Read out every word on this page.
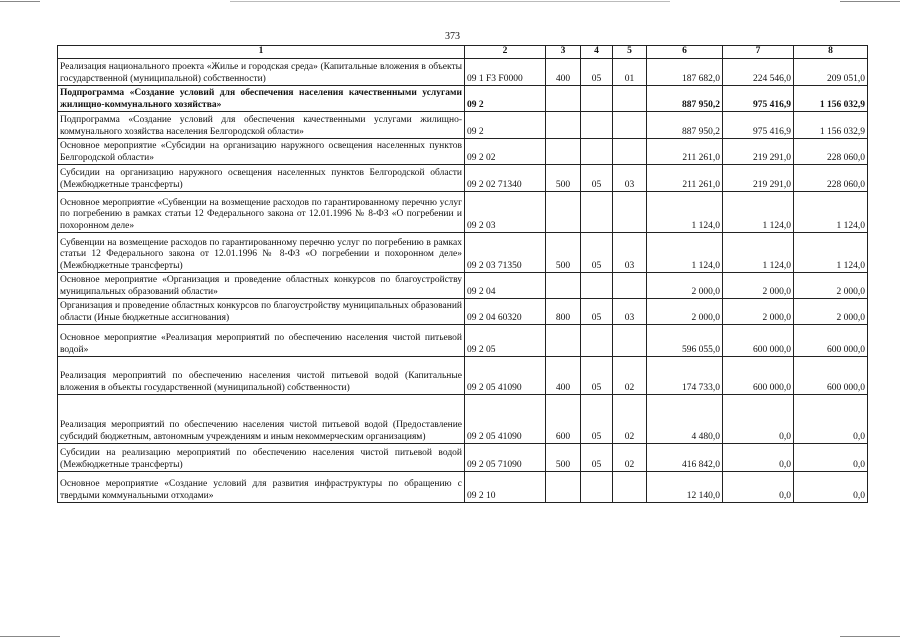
373
1	2	3	4	5	6	7	8
Реализация национального проекта «Жилье и городская среда» (Капитальные вложения в объекты государственной (муниципальной) собственности)	09 1 F3 F0000	400	05	01	187 682,0	224 546,0	209 051,0
Подпрограмма «Создание условий для обеспечения населения качественными услугами жилищно-коммунального хозяйства»	09 2				887 950,2	975 416,9	1 156 032,9
Подпрограмма «Создание условий для обеспечения качественными услугами жилищно-коммунального хозяйства населения Белгородской области»	09 2				887 950,2	975 416,9	1 156 032,9
Основное мероприятие «Субсидии на организацию наружного освещения населенных пунктов Белгородской области»	09 2 02				211 261,0	219 291,0	228 060,0
Субсидии на организацию наружного освещения населенных пунктов Белгородской области (Межбюджетные трансферты)	09 2 02 71340	500	05	03	211 261,0	219 291,0	228 060,0
Основное мероприятие «Субвенции на возмещение расходов по гарантированному перечню услуг по погребению в рамках статьи 12 Федерального закона от 12.01.1996 № 8-ФЗ «О погребении и похоронном деле»	09 2 03				1 124,0	1 124,0	1 124,0
Субвенции на возмещение расходов по гарантированному перечню услуг по погребению в рамках статьи 12 Федерального закона от 12.01.1996 № 8-ФЗ «О погребении и похоронном деле» (Межбюджетные трансферты)	09 2 03 71350	500	05	03	1 124,0	1 124,0	1 124,0
Основное мероприятие «Организация и проведение областных конкурсов по благоустройству муниципальных образований области»	09 2 04				2 000,0	2 000,0	2 000,0
Организация и проведение областных конкурсов по благоустройству муниципальных образований области (Иные бюджетные ассигнования)	09 2 04 60320	800	05	03	2 000,0	2 000,0	2 000,0
Основное мероприятие «Реализация мероприятий по обеспечению населения чистой питьевой водой»	09 2 05				596 055,0	600 000,0	600 000,0
Реализация мероприятий по обеспечению населения чистой питьевой водой (Капитальные вложения в объекты государственной (муниципальной) собственности)	09 2 05 41090	400	05	02	174 733,0	600 000,0	600 000,0
Реализация мероприятий по обеспечению населения чистой питьевой водой (Предоставление субсидий бюджетным, автономным учреждениям и иным некоммерческим организациям)	09 2 05 41090	600	05	02	4 480,0	0,0	0,0
Субсидии на реализацию мероприятий по обеспечению населения чистой питьевой водой (Межбюджетные трансферты)	09 2 05 71090	500	05	02	416 842,0	0,0	0,0
Основное мероприятие «Создание условий для развития инфраструктуры по обращению с твердыми коммунальными отходами»	09 2 10				12 140,0	0,0	0,0
